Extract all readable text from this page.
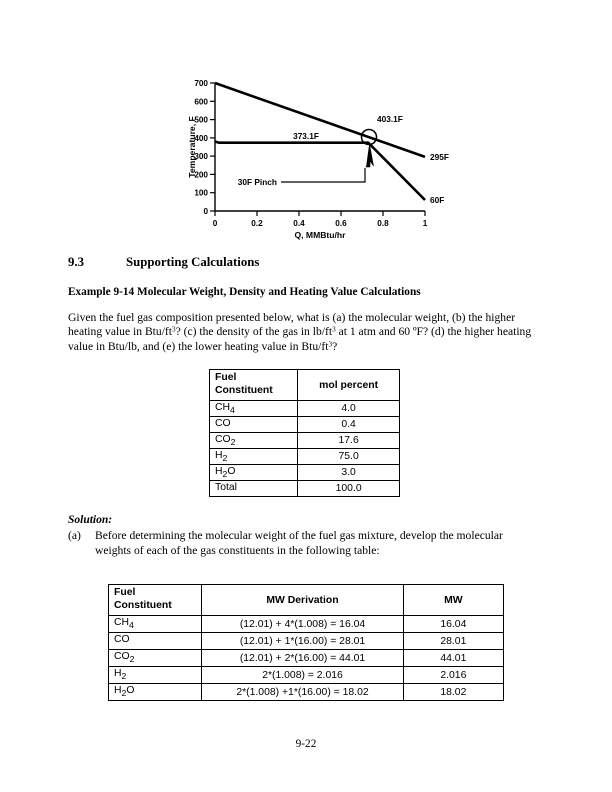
0
100
200
300
400
500
600
700
0	0.2	0.4	0.6	0.8	1
Q, MMBtu/hr
Temperature, F	373.1F
403.1F
30F Pinch
295F
60F
9.3	Supporting Calculations
Example 9-14 Molecular Weight, Density and Heating Value Calculations

Given the fuel gas composition presented below, what is (a) the molecular weight, (b) the higher heating value in Btu/$ft^3$? (c) the density of the gas in $lb/ft^3$ at 1 atm and 60 ºF? (d) the higher heating value in Btu/lb, and (e) the lower heating value in Btu/$ft^3$?

Fuel
Constituent	mol percent
$CH_4$	4.0
CO	0.4
$CO_2$	17.6
$H_2$	75.0
$H_2O$	3.0
Total	100.0
Solution:
(a) Before determining the molecular weight of the fuel gas mixture, develop the molecular weights of each of the gas constituents in the following table:
Fuel
Constituent	MW Derivation	MW
$CH_4$	(12.01) + 4*(1.008) = 16.04	16.04
CO	(12.01) + 1*(16.00) = 28.01	28.01
$CO_2$	(12.01) + 2*(16.00) = 44.01	44.01
$H_2$	2*(1.008) = 2.016	2.016
$H_2O$	2*(1.008) +1*(16.00) = 18.02	18.02
9-22
